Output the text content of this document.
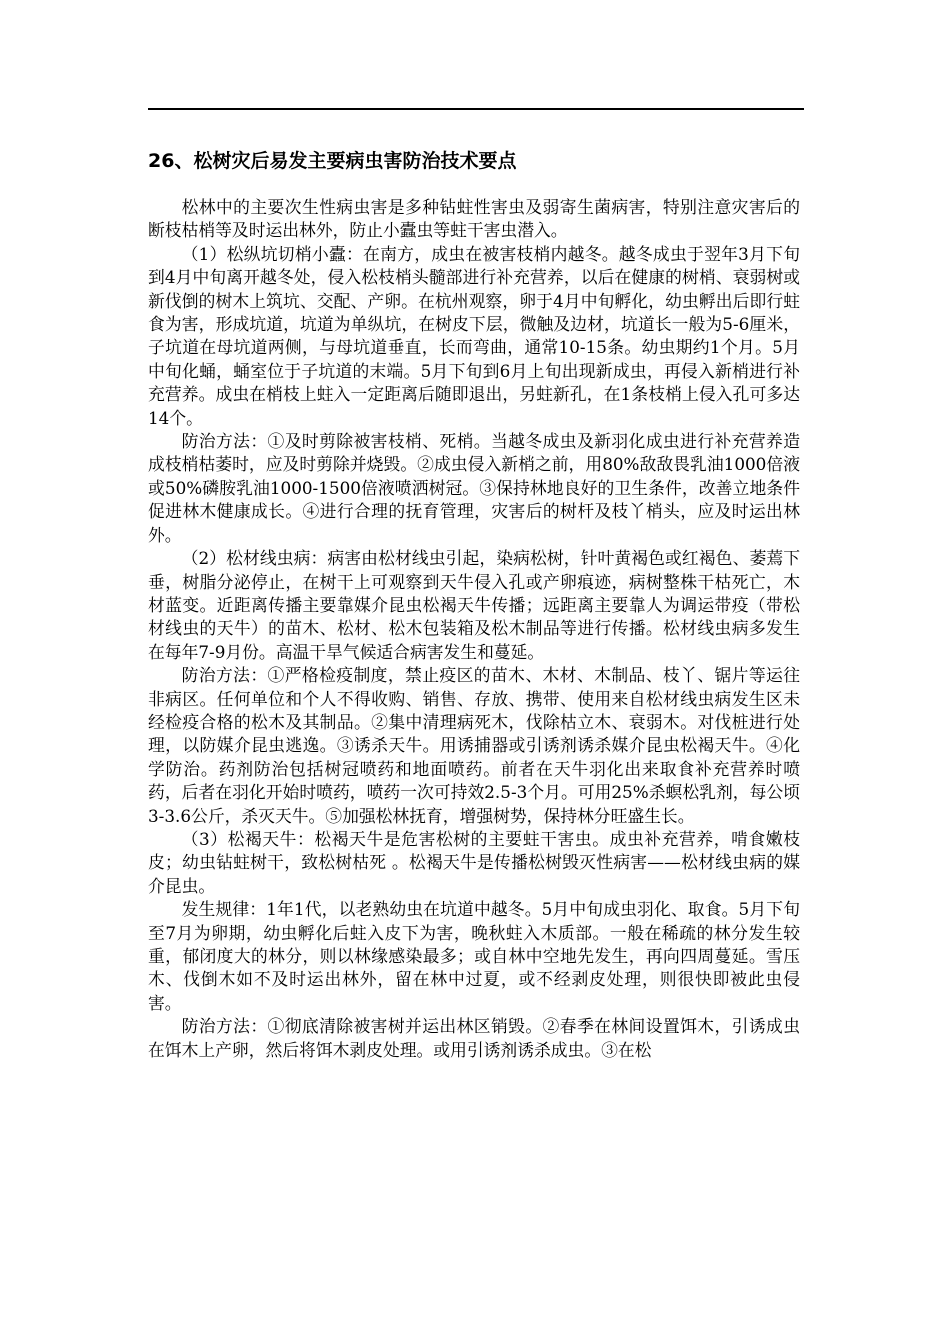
26、松树灾后易发主要病虫害防治技术要点

松林中的主要次生性病虫害是多种钻蛀性害虫及弱寄生菌病害，特别注意灾害后的断枝枯梢等及时运出林外，防止小蠹虫等蛀干害虫潜入。

（1）松纵坑切梢小蠹：在南方，成虫在被害枝梢内越冬。越冬成虫于翌年3月下旬到4月中旬离开越冬处，侵入松枝梢头髓部进行补充营养，以后在健康的树梢、衰弱树或新伐倒的树木上筑坑、交配、产卵。在杭州观察，卵于4月中旬孵化，幼虫孵出后即行蛀食为害，形成坑道，坑道为单纵坑，在树皮下层，微触及边材，坑道长一般为5-6厘米，子坑道在母坑道两侧，与母坑道垂直，长而弯曲，通常10-15条。幼虫期约1个月。5月中旬化蛹，蛹室位于子坑道的末端。5月下旬到6月上旬出现新成虫，再侵入新梢进行补充营养。成虫在梢枝上蛀入一定距离后随即退出，另蛀新孔，在1条枝梢上侵入孔可多达14个。

防治方法：①及时剪除被害枝梢、死梢。当越冬成虫及新羽化成虫进行补充营养造成枝梢枯萎时，应及时剪除并烧毁。②成虫侵入新梢之前，用80%敌敌畏乳油1000倍液或50%磷胺乳油1000-1500倍液喷洒树冠。③保持林地良好的卫生条件，改善立地条件促进林木健康成长。④进行合理的抚育管理，灾害后的树杆及枝丫梢头，应及时运出林外。

（2）松材线虫病：病害由松材线虫引起，染病松树，针叶黄褐色或红褐色、萎蔫下垂，树脂分泌停止，在树干上可观察到天牛侵入孔或产卵痕迹，病树整株干枯死亡，木材蓝变。近距离传播主要靠媒介昆虫松褐天牛传播；远距离主要靠人为调运带疫（带松材线虫的天牛）的苗木、松材、松木包装箱及松木制品等进行传播。松材线虫病多发生在每年7-9月份。高温干旱气候适合病害发生和蔓延。

防治方法：①严格检疫制度，禁止疫区的苗木、木材、木制品、枝丫、锯片等运往非病区。任何单位和个人不得收购、销售、存放、携带、使用来自松材线虫病发生区未经检疫合格的松木及其制品。②集中清理病死木，伐除枯立木、衰弱木。对伐桩进行处理，以防媒介昆虫逃逸。③诱杀天牛。用诱捕器或引诱剂诱杀媒介昆虫松褐天牛。④化学防治。药剂防治包括树冠喷药和地面喷药。前者在天牛羽化出来取食补充营养时喷药，后者在羽化开始时喷药，喷药一次可持效2.5-3个月。可用25%杀螟松乳剂，每公顷3-3.6公斤，杀灭天牛。⑤加强松林抚育，增强树势，保持林分旺盛生长。

（3）松褐天牛：松褐天牛是危害松树的主要蛀干害虫。成虫补充营养，啃食嫩枝皮；幼虫钻蛀树干，致松树枯死 。松褐天牛是传播松树毁灭性病害——松材线虫病的媒介昆虫。

发生规律：1年1代，以老熟幼虫在坑道中越冬。5月中旬成虫羽化、取食。5月下旬至7月为卵期，幼虫孵化后蛀入皮下为害，晚秋蛀入木质部。一般在稀疏的林分发生较重，郁闭度大的林分，则以林缘感染最多；或自林中空地先发生，再向四周蔓延。雪压木、伐倒木如不及时运出林外，留在林中过夏，或不经剥皮处理，则很快即被此虫侵害。

防治方法：①彻底清除被害树并运出林区销毁。②春季在林间设置饵木，引诱成虫在饵木上产卵，然后将饵木剥皮处理。或用引诱剂诱杀成虫。③在松
